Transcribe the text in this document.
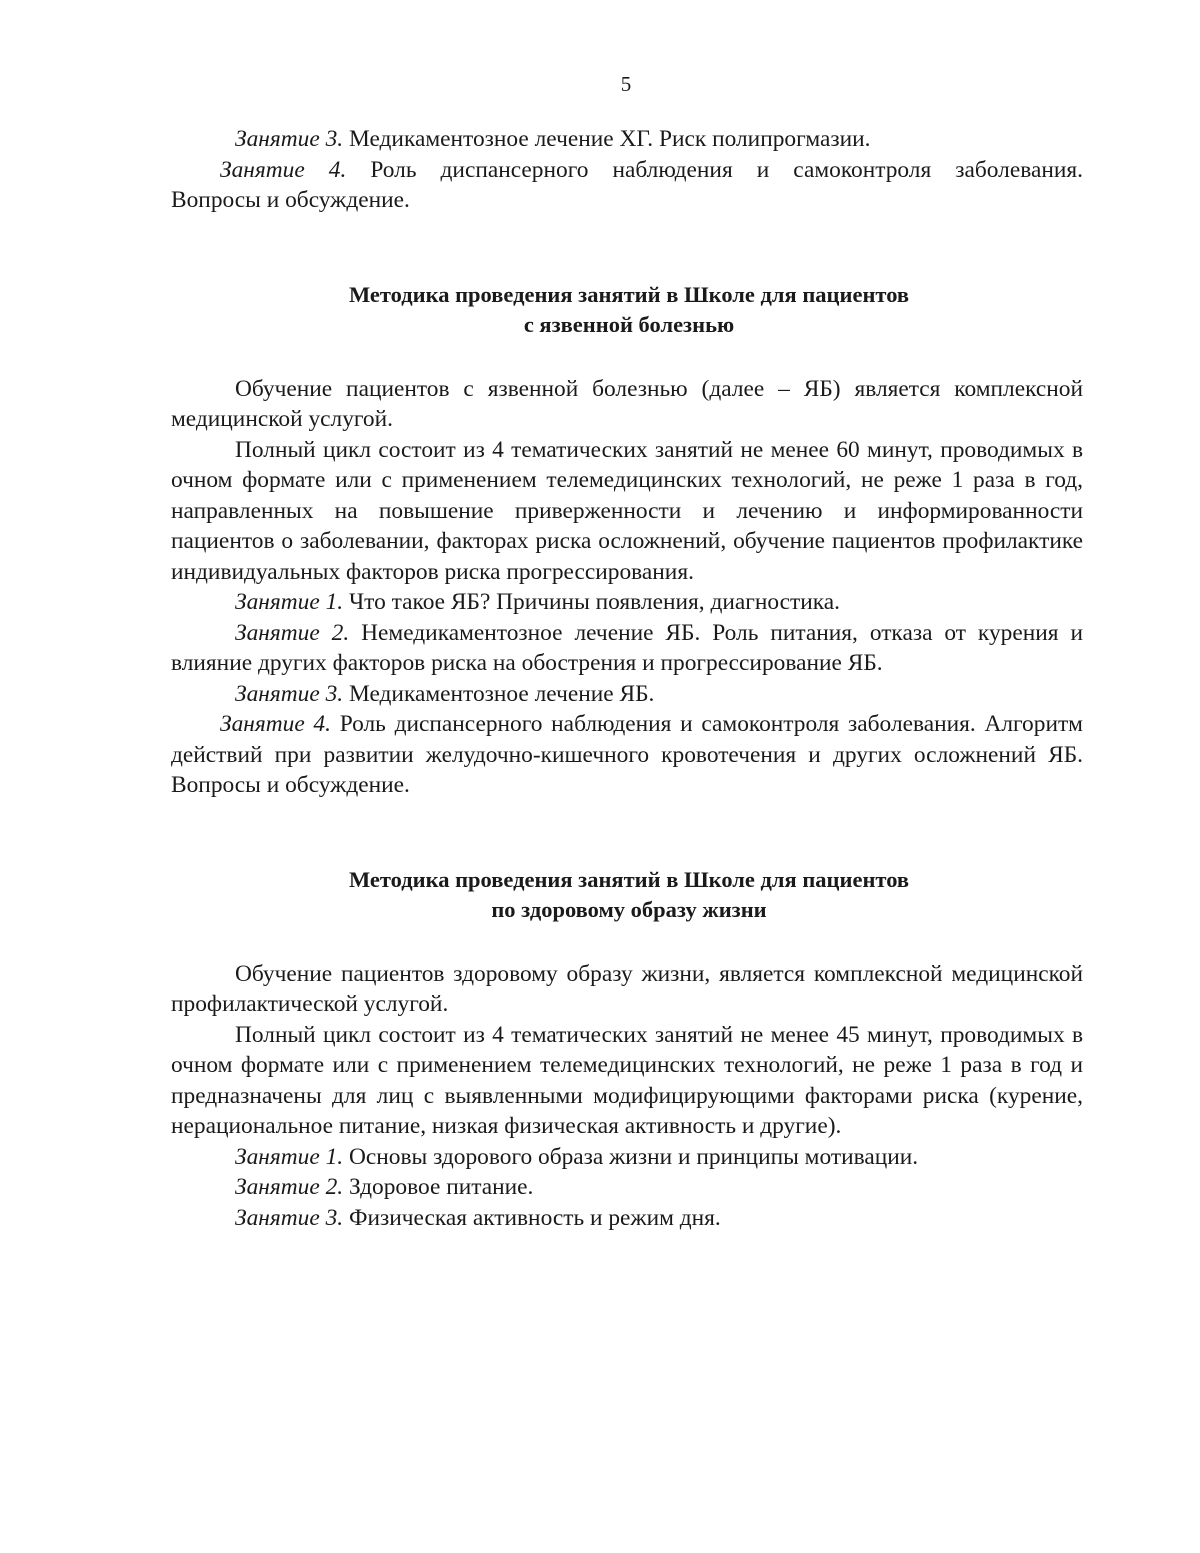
5

Занятие 3. Медикаментозное лечение ХГ. Риск полипрогмазии.

Занятие 4. Роль диспансерного наблюдения и самоконтроля заболевания.

Вопросы и обсуждение.

Методика проведения занятий в Школе для пациентов
с язвенной болезнью

Обучение пациентов с язвенной болезнью (далее – ЯБ) является комплексной медицинской услугой.

Полный цикл состоит из 4 тематических занятий не менее 60 минут, проводимых в очном формате или с применением телемедицинских технологий, не реже 1 раза в год, направленных на повышение приверженности и лечению и информированности пациентов о заболевании, факторах риска осложнений, обучение пациентов профилактике индивидуальных факторов риска прогрессирования.

Занятие 1. Что такое ЯБ? Причины появления, диагностика.

Занятие 2. Немедикаментозное лечение ЯБ. Роль питания, отказа от курения и влияние других факторов риска на обострения и прогрессирование ЯБ.

Занятие 3. Медикаментозное лечение ЯБ.

Занятие 4. Роль диспансерного наблюдения и самоконтроля заболевания. Алгоритм действий при развитии желудочно-кишечного кровотечения и других осложнений ЯБ. Вопросы и обсуждение.

Методика проведения занятий в Школе для пациентов
по здоровому образу жизни

Обучение пациентов здоровому образу жизни, является комплексной медицинской профилактической услугой.

Полный цикл состоит из 4 тематических занятий не менее 45 минут, проводимых в очном формате или с применением телемедицинских технологий, не реже 1 раза в год и предназначены для лиц с выявленными модифицирующими факторами риска (курение, нерациональное питание, низкая физическая активность и другие).

Занятие 1. Основы здорового образа жизни и принципы мотивации.

Занятие 2. Здоровое питание.

Занятие 3. Физическая активность и режим дня.
